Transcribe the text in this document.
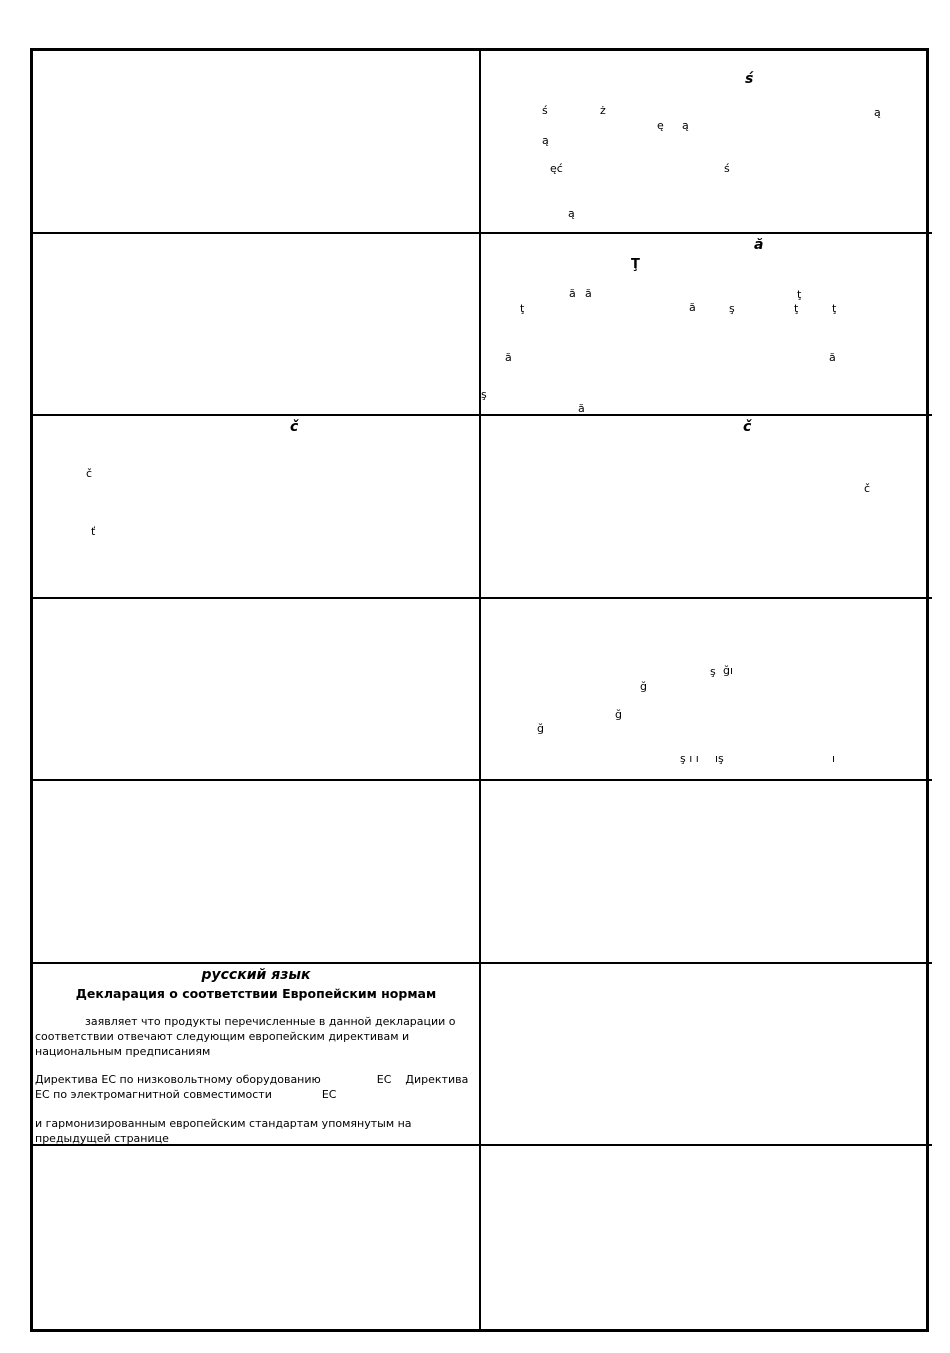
ś
ś	ż	ą
ę ą
ą
ęć	ś
ą
ă
Ţ
ă ă	ţ
ţ	ă	ş	ţ	ţ
ă	ă
ş
ă
č
č
ť
č
č
ş ğı
ğ
ğ
ğ
ş ı ı ış	ı
русский язык
Декларация о соответствии Европейским нормам
заявляет что продукты перечисленные в данной декларации о
соответствии отвечают следующим европейским директивам и
национальным предписаниям
Директива ЕС по низковольтному оборудованию	ЕС Директива
ЕС по электромагнитной совместимости	ЕС
и гармонизированным европейским стандартам упомянутым на
предыдущей странице
